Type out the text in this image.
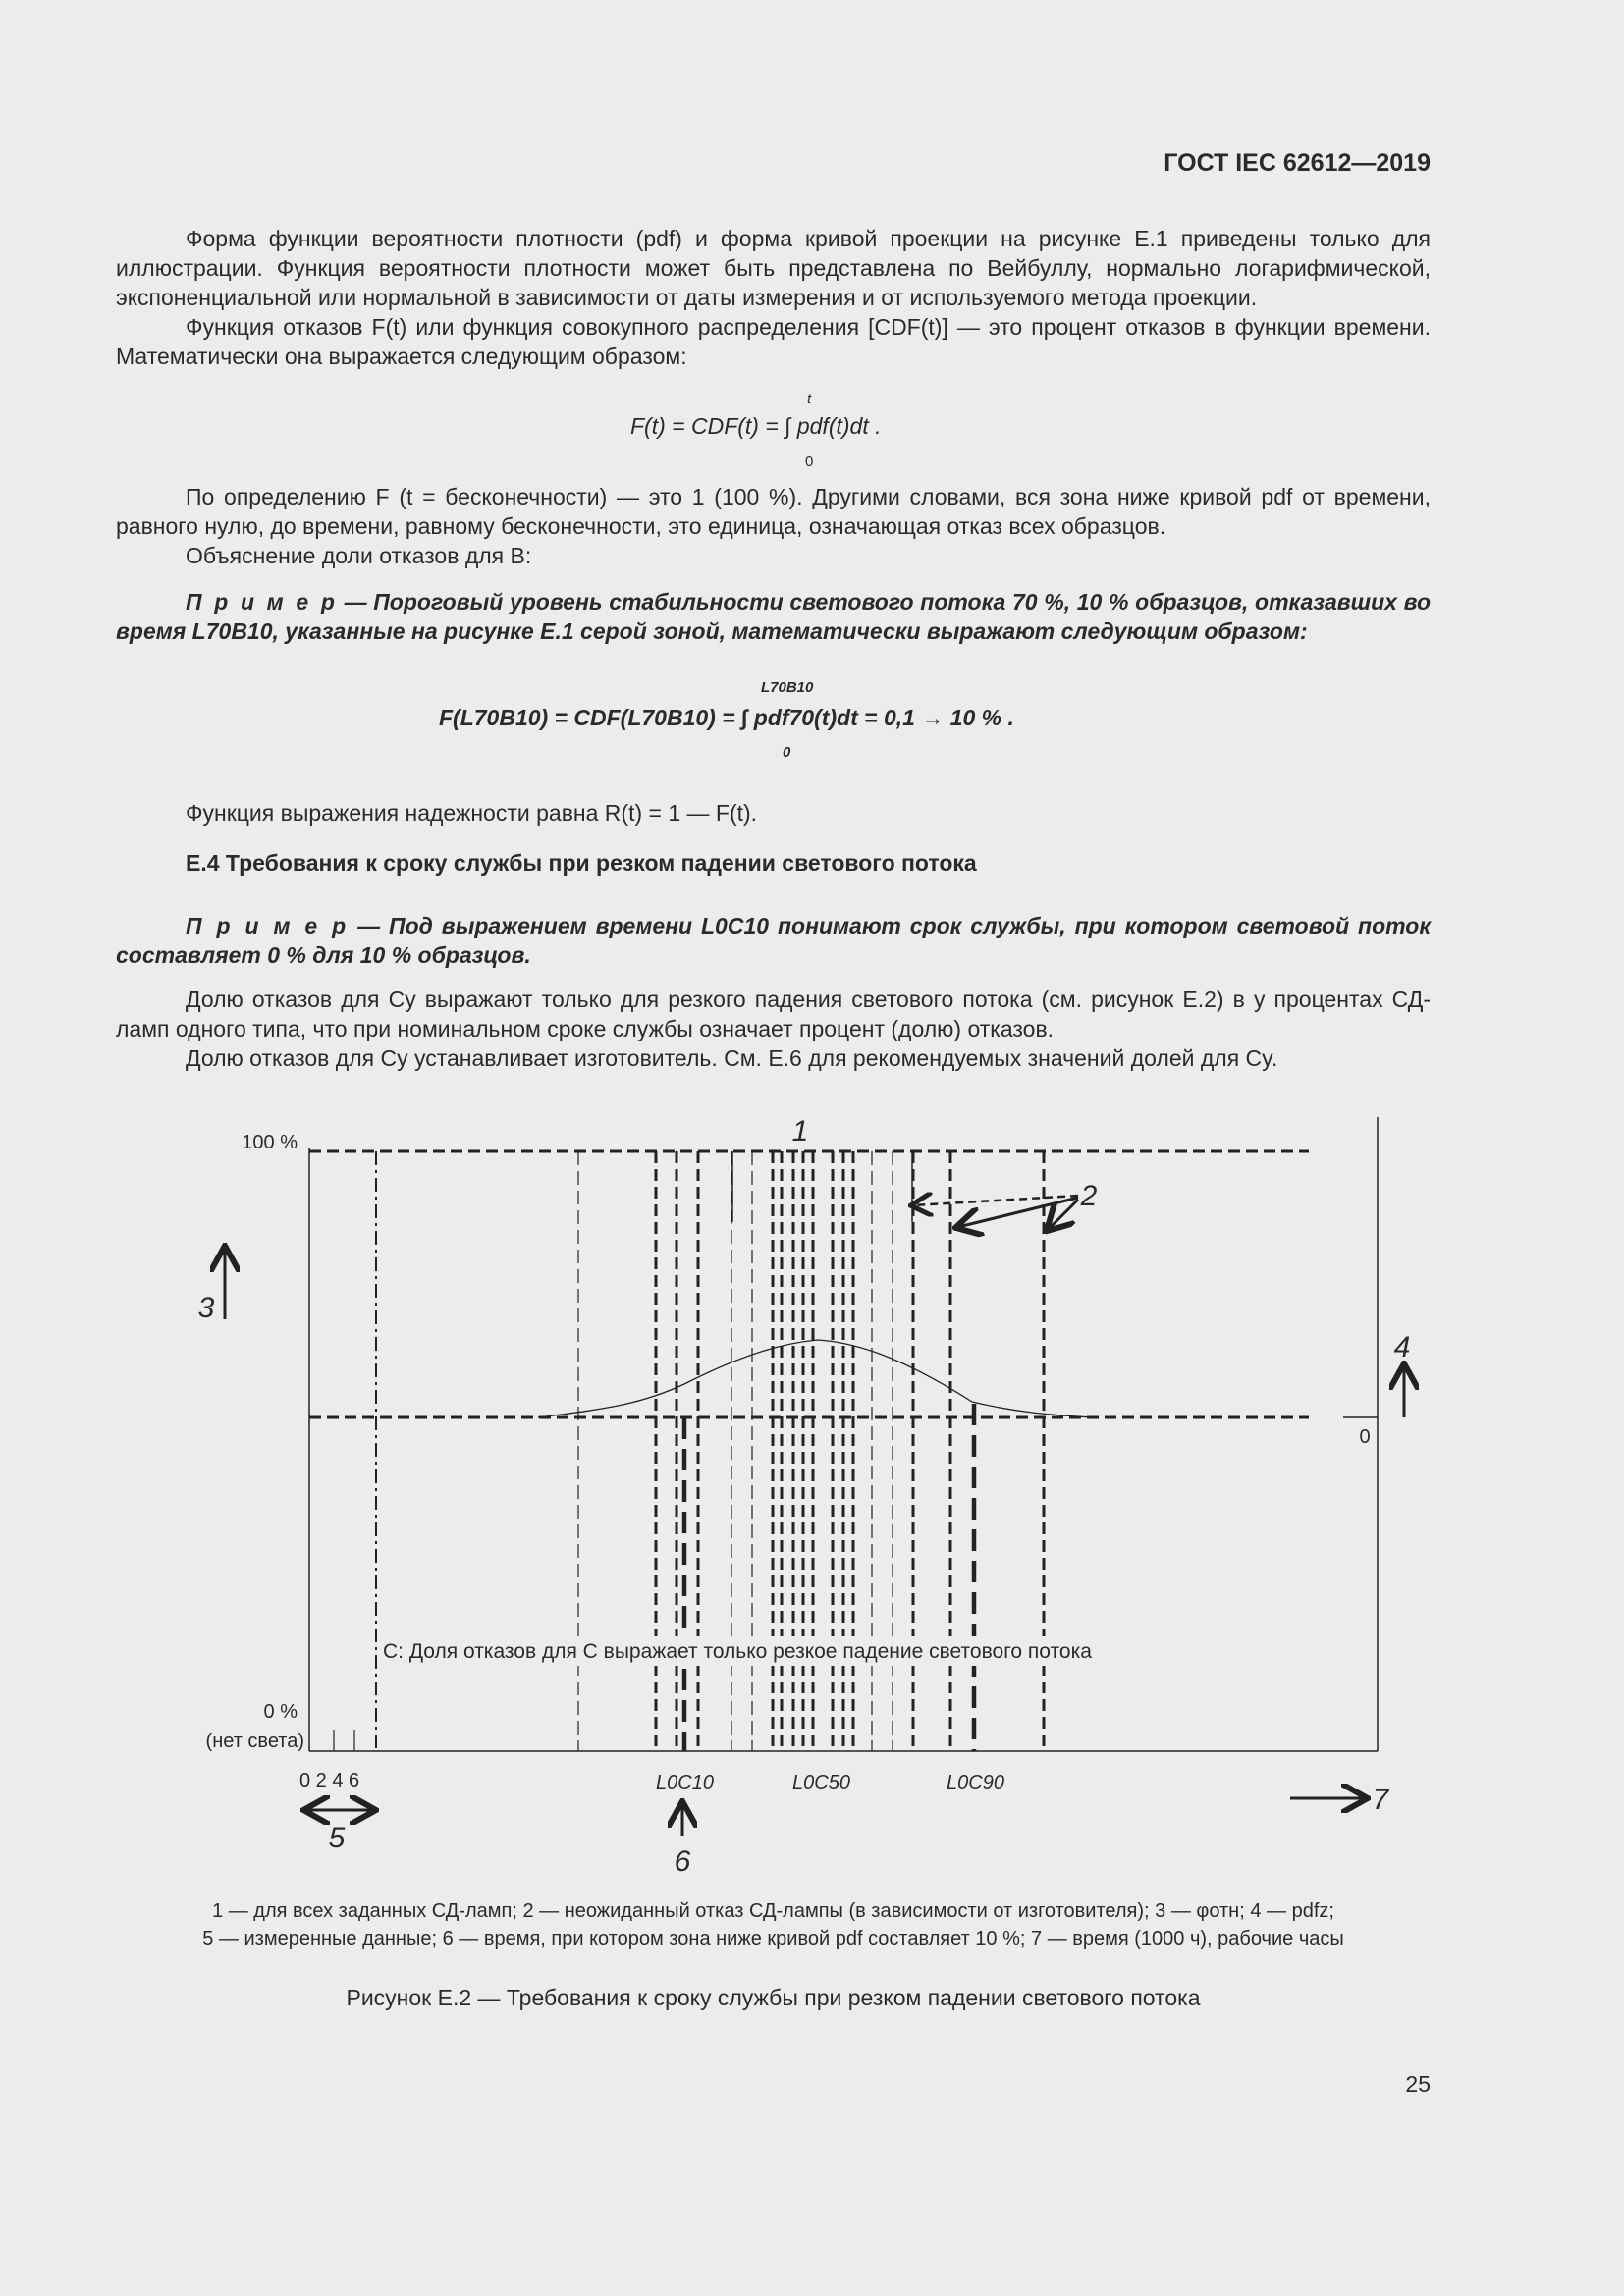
ГОСТ IEC 62612—2019
Форма функции вероятности плотности (pdf) и форма кривой проекции на рисунке Е.1 приведены только для иллюстрации. Функция вероятности плотности может быть представлена по Вейбуллу, нормально логарифмической, экспоненциальной или нормальной в зависимости от даты измерения и от используемого метода проекции.
Функция отказов F(t) или функция совокупного распределения [CDF(t)] — это процент отказов в функции времени. Математически она выражается следующим образом:
F(t) = CDF(t) = ∫ pdf(t)dt .
t
0
По определению F (t = бесконечности) — это 1 (100 %). Другими словами, вся зона ниже кривой pdf от времени, равного нулю, до времени, равному бесконечности, это единица, означающая отказ всех образцов.
Объяснение доли отказов для B:
П р и м е р — Пороговый уровень стабильности светового потока 70 %, 10 % образцов, отказавших во время L70B10, указанные на рисунке Е.1 серой зоной, математически выражают следующим образом:
F(L70B10) = CDF(L70B10) = ∫ pdf70(t)dt = 0,1 → 10 % .
L70B10
0
Функция выражения надежности равна R(t) = 1 — F(t).
Е.4 Требования к сроку службы при резком падении светового потока
П р и м е р — Под выражением времени L0C10 понимают срок службы, при котором световой поток составляет 0 % для 10 % образцов.
Долю отказов для Cy выражают только для резкого падения светового потока (см. рисунок Е.2) в y процентах СД-ламп одного типа, что при номинальном сроке службы означает процент (долю) отказов.
Долю отказов для Cy устанавливает изготовитель. См. Е.6 для рекомендуемых значений долей для Cy.
100 %
0 %
(нет света)
0
0 2 4 6	L0C10	L0C50	L0C90
C: Доля отказов для C выражает только резкое падение светового потока
1
2
3
4
5
6
7
1 — для всех заданных СД-ламп; 2 — неожиданный отказ СД-лампы (в зависимости от изготовителя); 3 — φотн; 4 — pdfz;
5 — измеренные данные; 6 — время, при котором зона ниже кривой pdf составляет 10 %; 7 — время (1000 ч), рабочие часы
Рисунок Е.2 — Требования к сроку службы при резком падении светового потока
25
